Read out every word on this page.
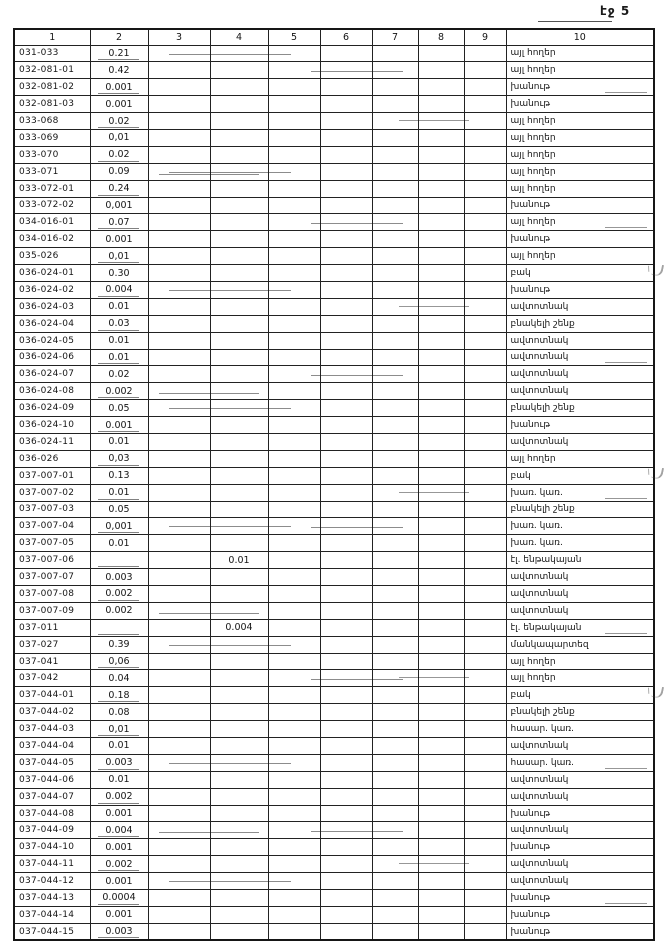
էջ 5
1	2	3	4	5	6	7	8	9	10
031-033	0.21								այլ հողեր
032-081-01	0.42								այլ հողեր
032-081-02	0.001								խանութ
032-081-03	0.001								խանութ
033-068	0.02								այլ հողեր
033-069	0,01								այլ հողեր
033-070	0.02								այլ հողեր
033-071	0.09								այլ հողեր
033-072-01	0.24								այլ հողեր
033-072-02	0,001								խանութ
034-016-01	0.07								այլ հողեր
034-016-02	0.001								խանութ
035-026	0,01								այլ հողեր
036-024-01	0.30								բակ
036-024-02	0.004								խանութ
036-024-03	0.01								ավտոտնակ
036-024-04	0.03								բնակելի շենք
036-024-05	0.01								ավտոտնակ
036-024-06	0.01								ավտոտնակ
036-024-07	0.02								ավտոտնակ
036-024-08	0.002								ավտոտնակ
036-024-09	0.05								բնակելի շենք
036-024-10	0.001								խանութ
036-024-11	0.01								ավտոտնակ
036-026	0,03								այլ հողեր
037-007-01	0.13								բակ
037-007-02	0.01								խառ. կառ.
037-007-03	0.05								բնակելի շենք
037-007-04	0,001								խառ. կառ.
037-007-05	0.01								խառ. կառ.
037-007-06			0.01						էլ. ենթակայան
037-007-07	0.003								ավտոտնակ
037-007-08	0.002								ավտոտնակ
037-007-09	0.002								ավտոտնակ
037-011			0.004						էլ. ենթակայան
037-027	0.39								մանկապարտեզ
037-041	0,06								այլ հողեր
037-042	0.04								այլ հողեր
037-044-01	0.18								բակ
037-044-02	0.08								բնակելի շենք
037-044-03	0,01								հասար. կառ.
037-044-04	0.01								ավտոտնակ
037-044-05	0.003								հասար. կառ.
037-044-06	0.01								ավտոտնակ
037-044-07	0.002								ավտոտնակ
037-044-08	0.001								խանութ
037-044-09	0.004								ավտոտնակ
037-044-10	0.001								խանութ
037-044-11	0.002								ավտոտնակ
037-044-12	0.001								ավտոտնակ
037-044-13	0.0004								խանութ
037-044-14	0.001								խանութ
037-044-15	0.003								խանութ
